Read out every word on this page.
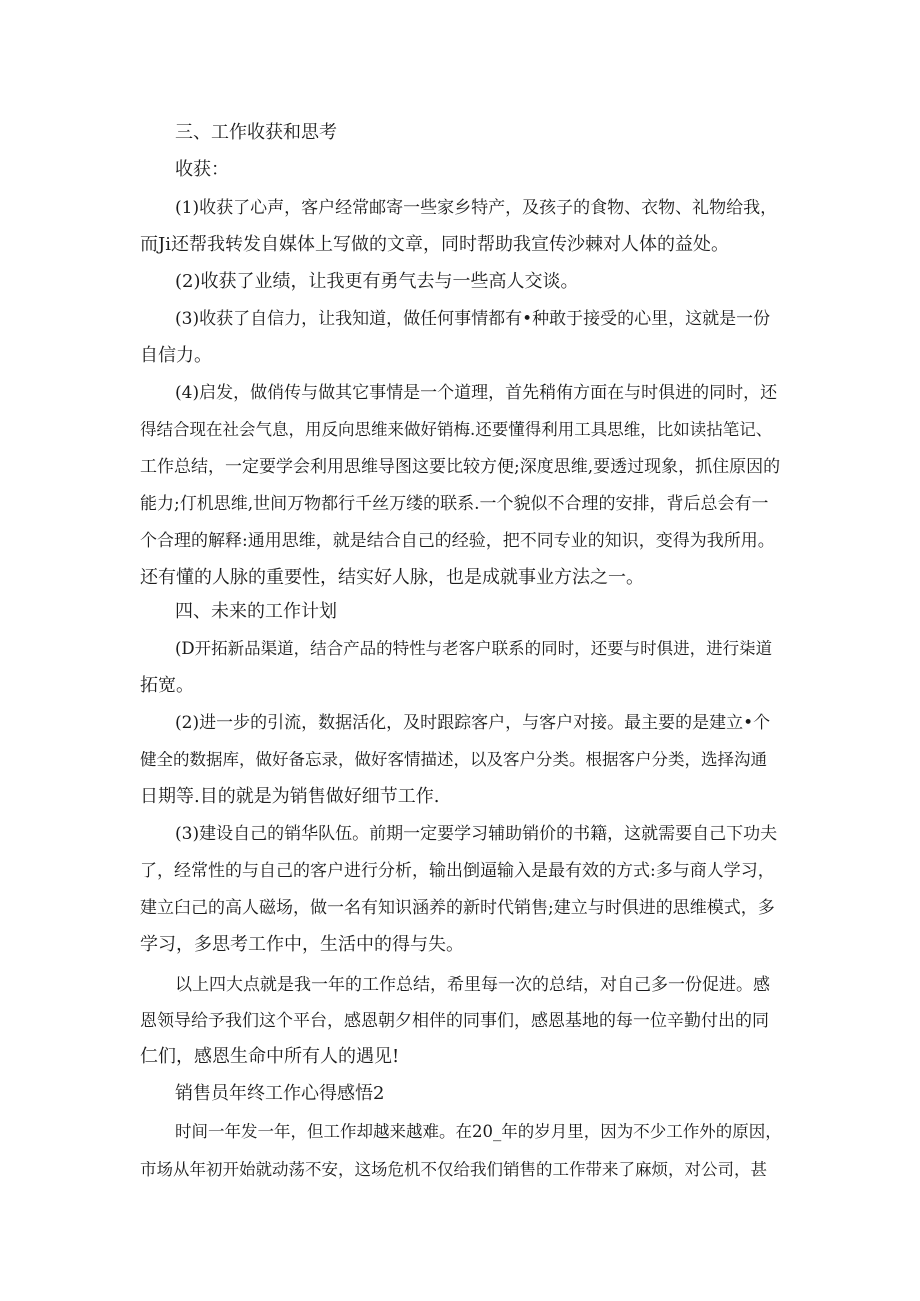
三、工作收获和思考

收获：

(1)收获了心声，客户经常邮寄一些家乡特产，及孩子的食物、衣物、礼物给我，

而Ji还帮我转发自媒体上写做的文章，同时帮助我宣传沙棘对人体的益处。

(2)收获了业绩，让我更有勇气去与一些高人交谈。

(3)收获了自信力，让我知道，做任何事情都有•种敢于接受的心里，这就是一份

自信力。

(4)启发，做俏传与做其它事情是一个道理，首先稍侑方面在与时俱进的同时，还

得结合现在社会气息，用反向思维来做好销梅.还要懂得利用工具思维，比如读拈笔记、

工作总结，一定要学会利用思维导图这要比较方便;深度思维,要透过现象，抓住原因的

能力;仃机思维,世间万物都行千丝万缕的联系.一个貌似不合理的安排，背后总会有一

个合理的解释:通用思维，就是结合自己的经验，把不同专业的知识，变得为我所用。

还有懂的人脉的重要性，结实好人脉，也是成就事业方法之一。

四、未来的工作计划

(D开拓新品渠道，结合产品的特性与老客户联系的同时，还要与时俱进，进行柒道

拓宽。

(2)进一步的引流，数据活化，及时跟踪客户，与客户对接。最主要的是建立•个

健全的数据库，做好备忘录，做好客情描述，以及客户分类。根据客户分类，选择沟通

日期等.目的就是为销售做好细节工作.

(3)建设自己的销华队伍。前期一定要学习辅助销价的书籍，这就需要自己下功夫

了，经常性的与自己的客户进行分析，输出倒逼输入是最有效的方式:多与商人学习，

建立臼己的高人磁场，做一名有知识涵养的新时代销售;建立与时俱进的思维模式，多

学习，多思考工作中，生活中的得与失。

以上四大点就是我一年的工作总结，希里每一次的总结，对自己多一份促进。感

恩领导给予我们这个平台，感恩朝夕相伴的同事们，感恩基地的每一位辛勤付出的同

仁们，感恩生命中所有人的遇见!

销售员年终工作心得感悟2

时间一年发一年，但工作却越来越难。在20_年的岁月里，因为不少工作外的原因，

市场从年初开始就动荡不安，这场危机不仅给我们销售的工作带来了麻烦，对公司，甚
